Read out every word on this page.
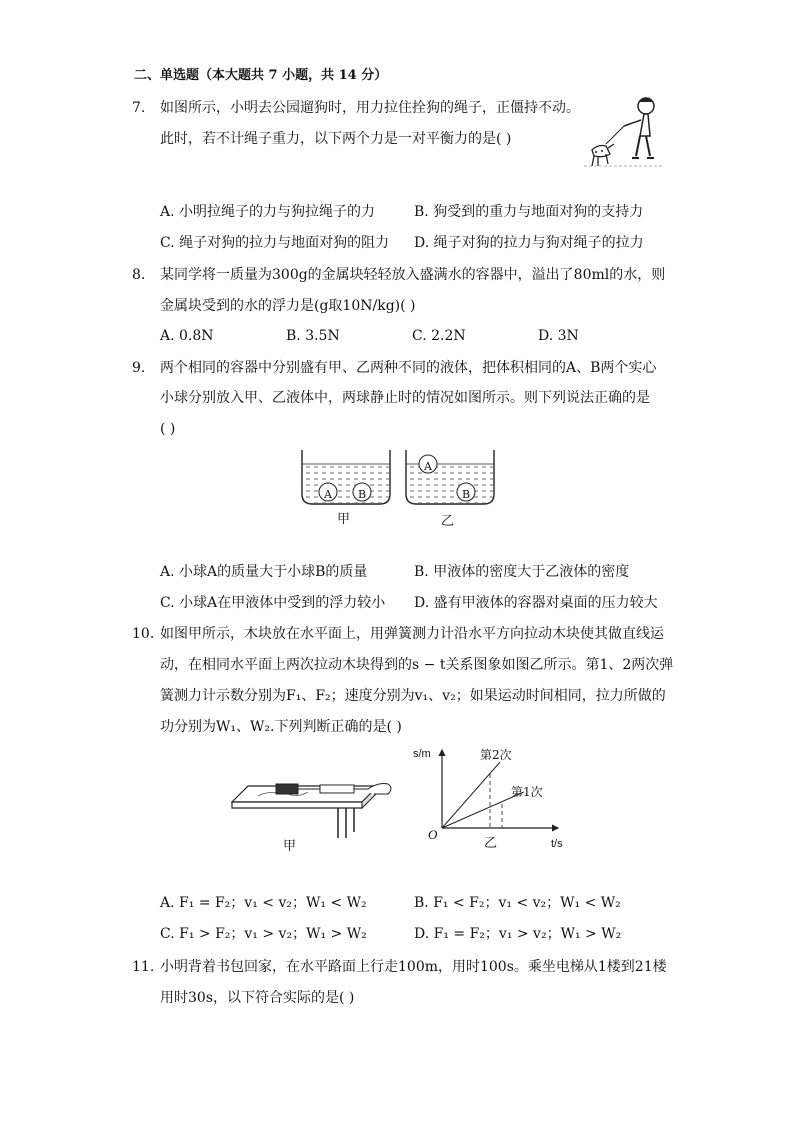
二、单选题（本大题共 7 小题，共 14 分）
7. 如图所示，小明去公园遛狗时，用力拉住拴狗的绳子，正僵持不动。
此时，若不计绳子重力，以下两个力是一对平衡力的是( )
A. 小明拉绳子的力与狗拉绳子的力	B. 狗受到的重力与地面对狗的支持力
C. 绳子对狗的拉力与地面对狗的阻力 D. 绳子对狗的拉力与狗对绳子的拉力
8. 某同学将一质量为300g的金属块轻轻放入盛满水的容器中，溢出了80ml的水，则
金属块受到的水的浮力是(g取10N/kg)( )
A. 0.8N	B. 3.5N	C. 2.2N	D. 3N
9. 两个相同的容器中分别盛有甲、乙两种不同的液体，把体积相同的A、B两个实心
小球分别放入甲、乙液体中，两球静止时的情况如图所示。则下列说法正确的是
( )
A B
A
B
甲	乙
A. 小球A的质量大于小球B的质量	B. 甲液体的密度大于乙液体的密度
C. 小球A在甲液体中受到的浮力较小 D. 盛有甲液体的容器对桌面的压力较大
10. 如图甲所示，木块放在水平面上，用弹簧测力计沿水平方向拉动木块使其做直线运
动，在相同水平面上两次拉动木块得到的s − t关系图象如图乙所示。第1、2两次弹
簧测力计示数分别为F₁、F₂；速度分别为v₁、v₂；如果运动时间相同，拉力所做的
功分别为W₁、W₂.下列判断正确的是( )
甲
s/m	第2次
第1次
O
乙	t/s
A. F₁ = F₂；v₁ < v₂；W₁ < W₂	B. F₁ < F₂；v₁ < v₂；W₁ < W₂
C. F₁ > F₂；v₁ > v₂；W₁ > W₂	D. F₁ = F₂；v₁ > v₂；W₁ > W₂
11. 小明背着书包回家，在水平路面上行走100m，用时100s。乘坐电梯从1楼到21楼
用时30s，以下符合实际的是( )
